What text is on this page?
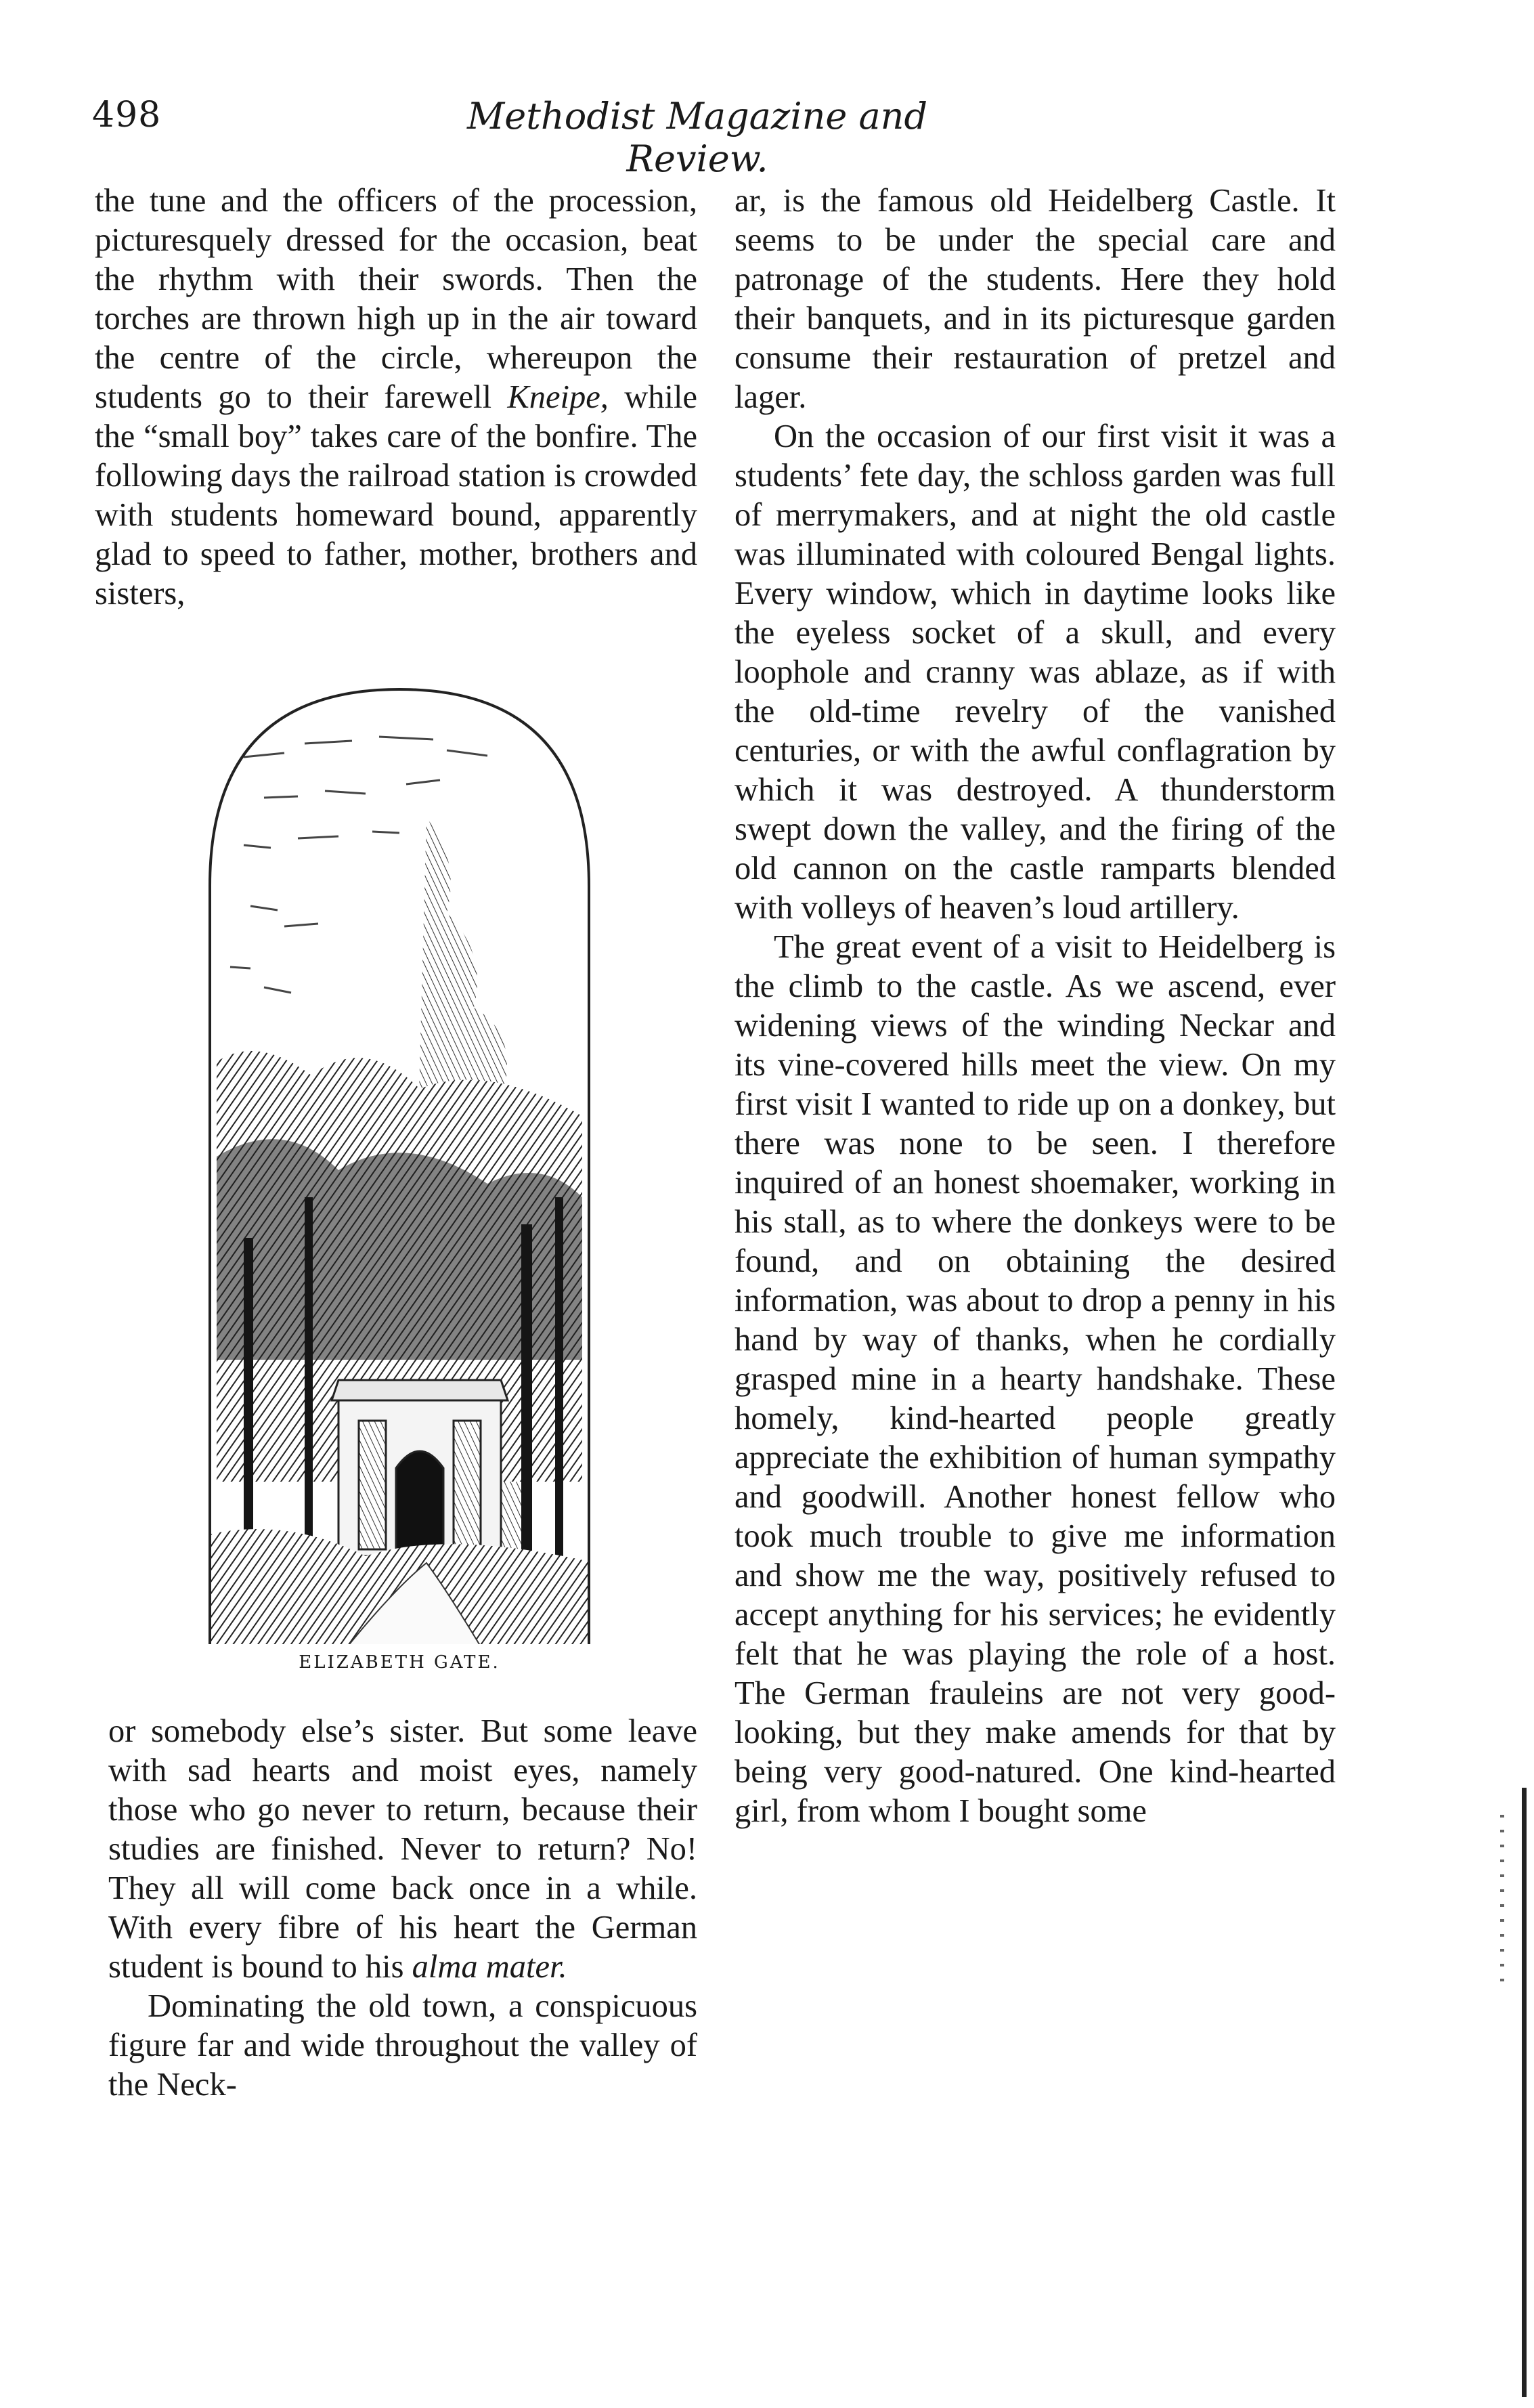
498	Methodist Magazine and Review.

the tune and the officers of the procession, picturesquely dressed for the occasion, beat the rhythm with their swords. Then the torches are thrown high up in the air toward the centre of the circle, whereupon the students go to their farewell Kneipe, while the “small boy” takes care of the bonfire. The following days the railroad station is crowded with students homeward bound, apparently glad to speed to father, mother, brothers and sisters,

ELIZABETH GATE.

or somebody else’s sister. But some leave with sad hearts and moist eyes, namely those who go never to return, because their studies are finished. Never to return? No! They all will come back once in a while. With every fibre of his heart the German student is bound to his alma mater.

Dominating the old town, a conspicuous figure far and wide throughout the valley of the Neck-

ar, is the famous old Heidelberg Castle. It seems to be under the special care and patronage of the students. Here they hold their banquets, and in its picturesque garden consume their restauration of pretzel and lager.

On the occasion of our first visit it was a students’ fete day, the schloss garden was full of merrymakers, and at night the old castle was illuminated with coloured Bengal lights. Every window, which in daytime looks like the eyeless socket of a skull, and every loophole and cranny was ablaze, as if with the old-time revelry of the vanished centuries, or with the awful conflagration by which it was destroyed. A thunderstorm swept down the valley, and the firing of the old cannon on the castle ramparts blended with volleys of heaven’s loud artillery.

The great event of a visit to Heidelberg is the climb to the castle. As we ascend, ever widening views of the winding Neckar and its vine-covered hills meet the view. On my first visit I wanted to ride up on a donkey, but there was none to be seen. I therefore inquired of an honest shoemaker, working in his stall, as to where the donkeys were to be found, and on obtaining the desired information, was about to drop a penny in his hand by way of thanks, when he cordially grasped mine in a hearty handshake. These homely, kind-hearted people greatly appreciate the exhibition of human sympathy and goodwill. Another honest fellow who took much trouble to give me information and show me the way, positively refused to accept anything for his services; he evidently felt that he was playing the role of a host. The German frauleins are not very good-looking, but they make amends for that by being very good-natured. One kind-hearted girl, from whom I bought some
